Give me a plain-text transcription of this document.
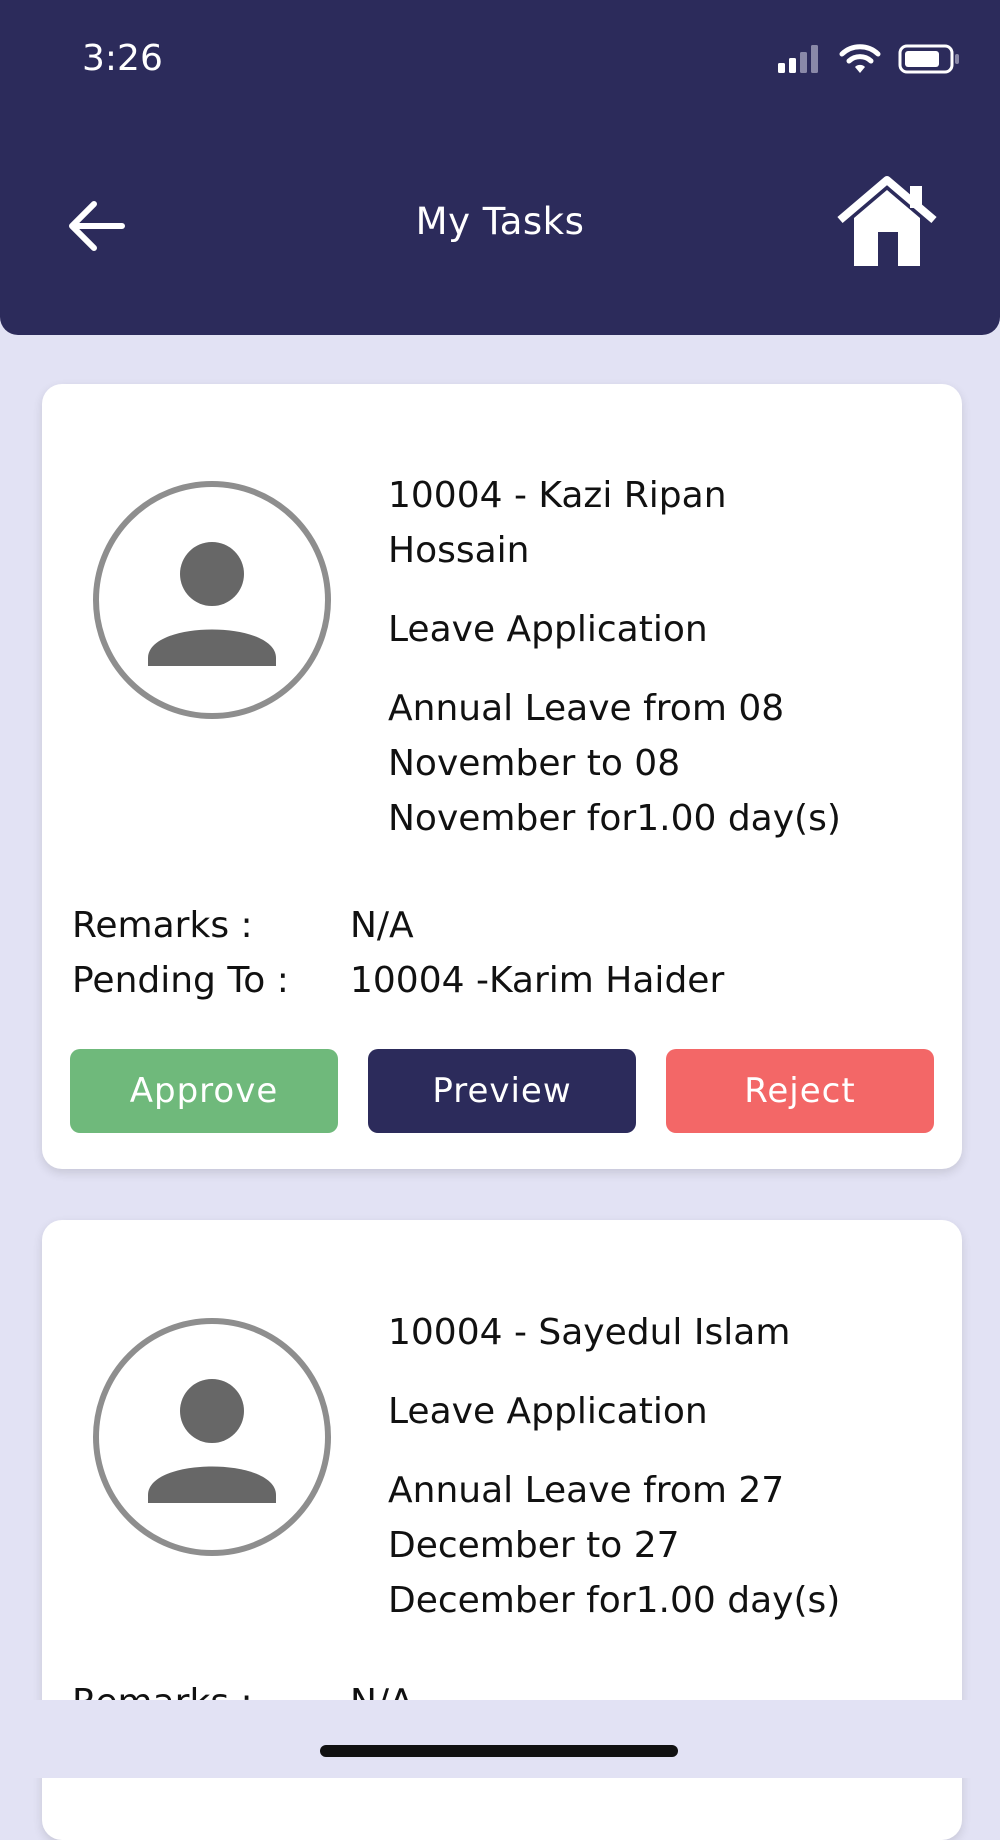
3:26
My Tasks
10004 - Kazi Ripan
Hossain
Leave Application
Annual Leave from 08
November to 08
November for1.00 day(s)
Remarks :	N/A
Pending To :	10004 -Karim Haider
Approve	Preview	Reject
10004 - Sayedul Islam
Leave Application
Annual Leave from 27
December to 27
December for1.00 day(s)
